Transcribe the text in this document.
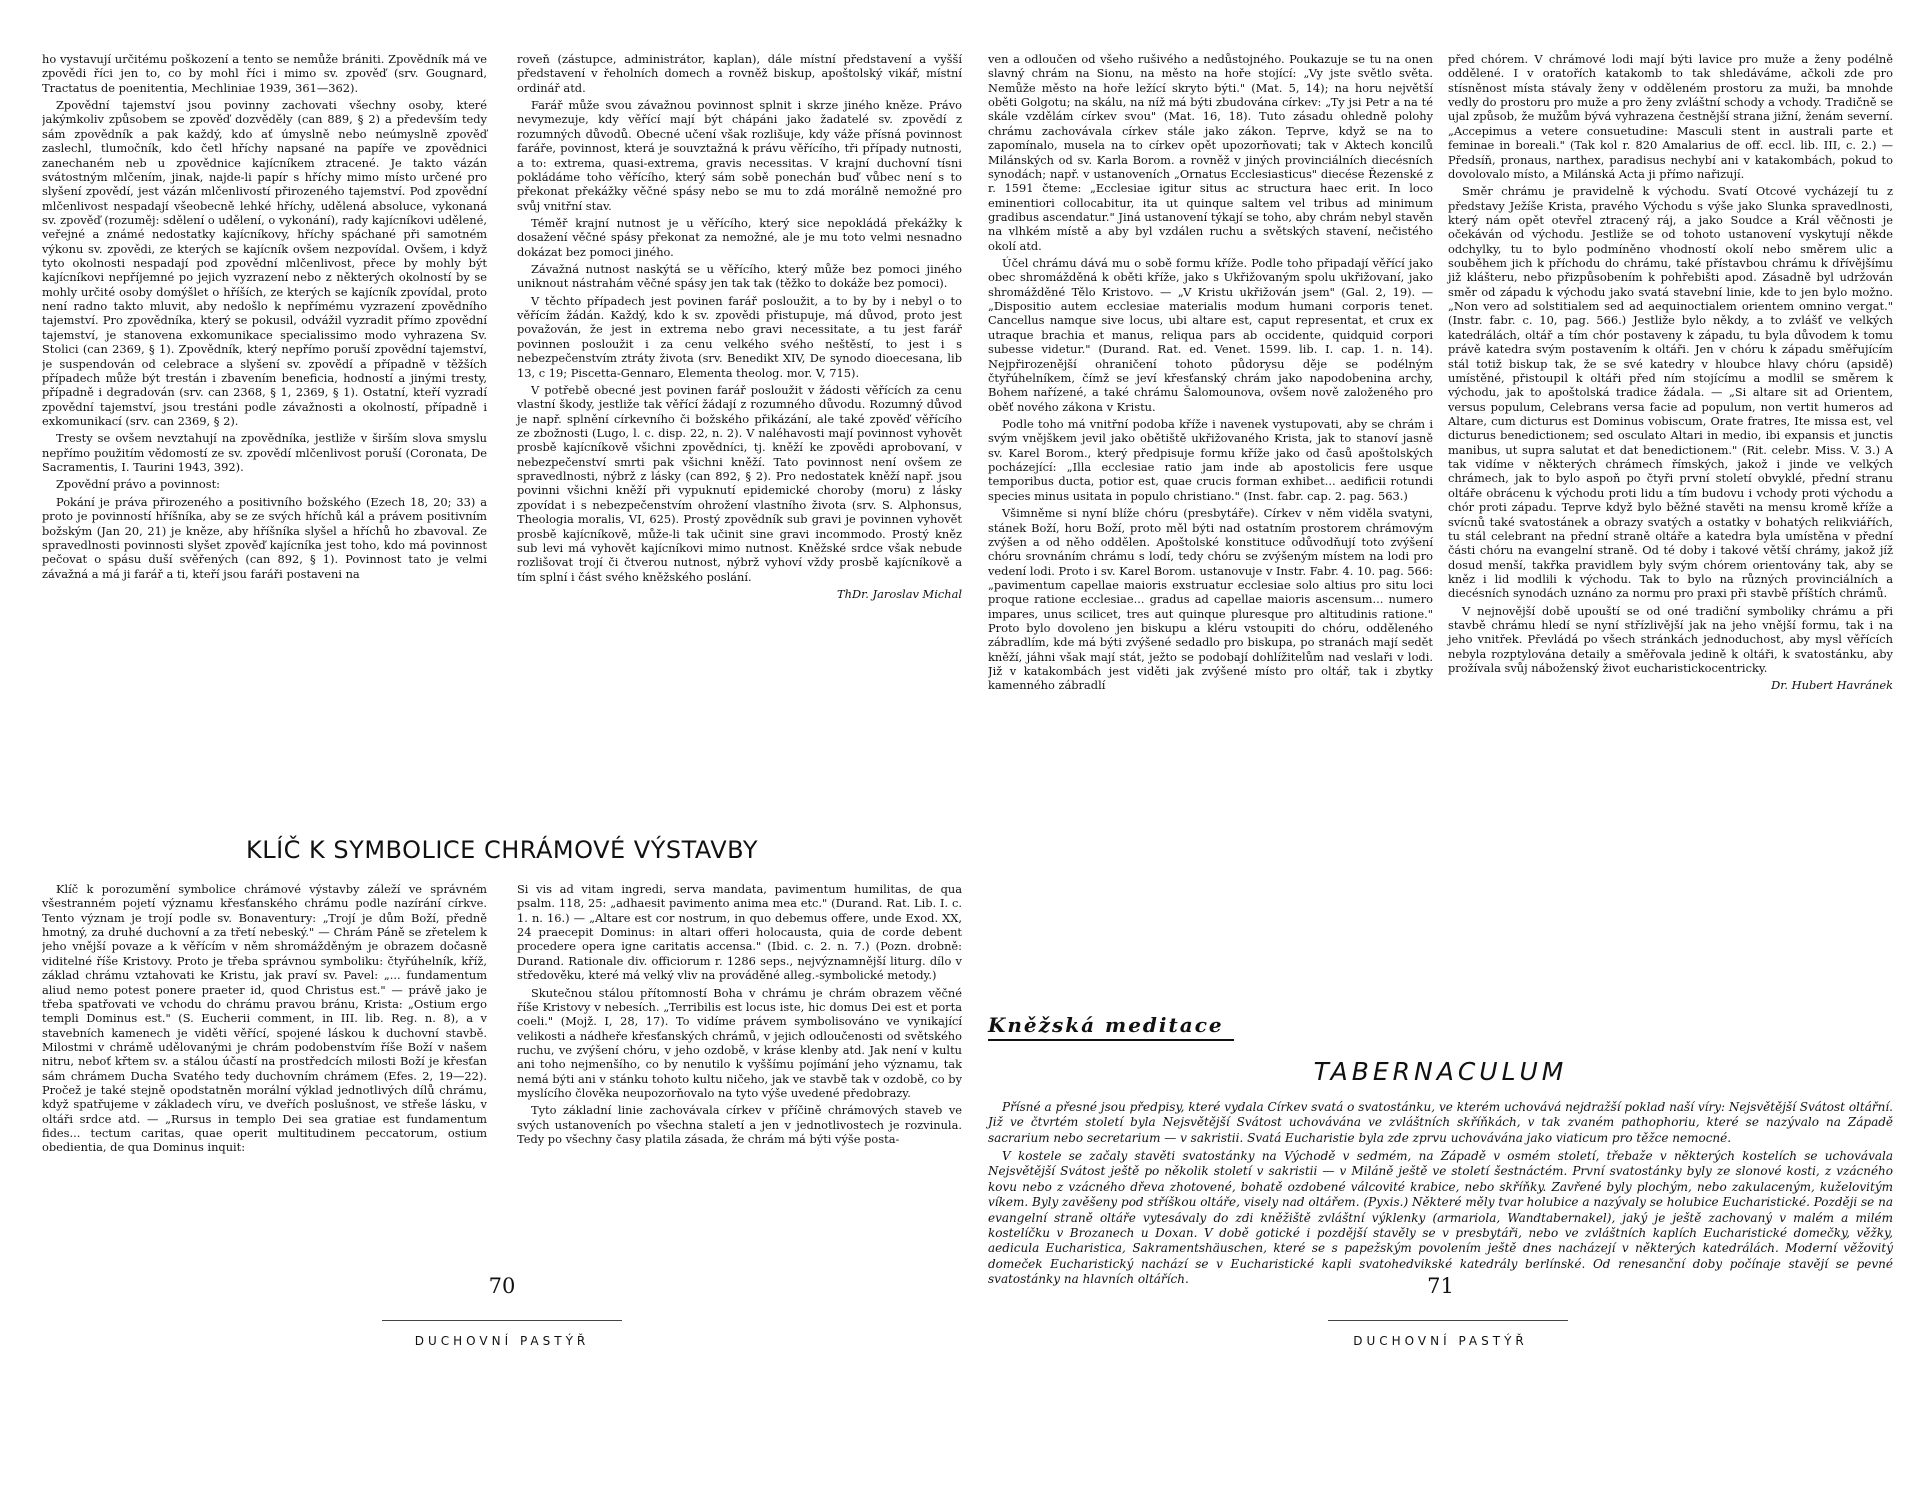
ho vystavují určitému poškození a tento se nemůže brániti. Zpovědník má ve zpovědi říci jen to, co by mohl říci i mimo sv. zpověď (srv. Gougnard, Tractatus de poenitentia, Mechliniae 1939, 361—362).

Zpovědní tajemství jsou povinny zachovati všechny osoby, které jakýmkoliv způsobem se zpověď dozvěděly (can 889, § 2) a především tedy sám zpovědník a pak každý, kdo ať úmyslně nebo neúmyslně zpověď zaslechl, tlumočník, kdo četl hříchy napsané na papíře ve zpovědnici zanechaném neb u zpovědnice kajícníkem ztracené. Je takto vázán svátostným mlčením, jinak, najde-li papír s hříchy mimo místo určené pro slyšení zpovědí, jest vázán mlčenlivostí přirozeného tajemství. Pod zpovědní mlčenlivost nespadají všeobecně lehké hříchy, udělená absoluce, vykonaná sv. zpověď (rozuměj: sdělení o udělení, o vykonání), rady kajícníkovi udělené, veřejné a známé nedostatky kajícníkovy, hříchy spáchané při samotném výkonu sv. zpovědi, ze kterých se kajícník ovšem nezpovídal. Ovšem, i když tyto okolnosti nespadají pod zpovědní mlčenlivost, přece by mohly být kajícníkovi nepříjemné po jejich vyzrazení nebo z některých okolností by se mohly určité osoby domýšlet o hříších, ze kterých se kajícník zpovídal, proto není radno takto mluvit, aby nedošlo k nepřímému vyzrazení zpovědního tajemství. Pro zpovědníka, který se pokusil, odvážil vyzradit přímo zpovědní tajemství, je stanovena exkomunikace specialissimo modo vyhrazena Sv. Stolici (can 2369, § 1). Zpovědník, který nepřímo poruší zpovědní tajemství, je suspendován od celebrace a slyšení sv. zpovědí a případně v těžších případech může být trestán i zbavením beneficia, hodností a jinými tresty, případně i degradován (srv. can 2368, § 1, 2369, § 1). Ostatní, kteří vyzradí zpovědní tajemství, jsou trestáni podle závažnosti a okolností, případně i exkomunikací (srv. can 2369, § 2).

Tresty se ovšem nevztahují na zpovědníka, jestliže v širším slova smyslu nepřímo použitím vědomostí ze sv. zpovědí mlčenlivost poruší (Coronata, De Sacramentis, I. Taurini 1943, 392).

Zpovědní právo a povinnost:

Pokání je práva přirozeného a positivního božského (Ezech 18, 20; 33) a proto je povinností hříšníka, aby se ze svých hříchů kál a právem positivním božským (Jan 20, 21) je kněze, aby hříšníka slyšel a hříchů ho zbavoval. Ze spravedlnosti povinnosti slyšet zpověď kajícníka jest toho, kdo má povinnost pečovat o spásu duší svěřených (can 892, § 1). Povinnost tato je velmi závažná a má ji farář a ti, kteří jsou faráři postaveni na

roveň (zástupce, administrátor, kaplan), dále místní představení a vyšší představení v řeholních domech a rovněž biskup, apoštolský vikář, místní ordinář atd.

Farář může svou závažnou povinnost splnit i skrze jiného kněze. Právo nevymezuje, kdy věřící mají být chápáni jako žadatelé sv. zpovědí z rozumných důvodů. Obecné učení však rozlišuje, kdy váže přísná povinnost faráře, povinnost, která je souvztažná k právu věřícího, tři případy nutnosti, a to: extrema, quasi-extrema, gravis necessitas. V krajní duchovní tísni pokládáme toho věřícího, který sám sobě ponechán buď vůbec není s to překonat překážky věčné spásy nebo se mu to zdá morálně nemožné pro svůj vnitřní stav.

Téměř krajní nutnost je u věřícího, který sice nepokládá překážky k dosažení věčné spásy překonat za nemožné, ale je mu toto velmi nesnadno dokázat bez pomoci jiného.

Závažná nutnost naskýtá se u věřícího, který může bez pomoci jiného uniknout nástrahám věčné spásy jen tak tak (těžko to dokáže bez pomoci).

V těchto případech jest povinen farář posloužit, a to by by i nebyl o to věřícím žádán. Každý, kdo k sv. zpovědi přistupuje, má důvod, proto jest považován, že jest in extrema nebo gravi necessitate, a tu jest farář povinnen posloužit i za cenu velkého svého neštěstí, to jest i s nebezpečenstvím ztráty života (srv. Benedikt XIV, De synodo dioecesana, lib 13, c 19; Piscetta-Gennaro, Elementa theolog. mor. V, 715).

V potřebě obecné jest povinen farář posloužit v žádosti věřících za cenu vlastní škody, jestliže tak věřící žádají z rozumného důvodu. Rozumný důvod je např. splnění církevního či božského přikázání, ale také zpověď věřícího ze zbožnosti (Lugo, l. c. disp. 22, n. 2). V naléhavosti mají povinnost vyhovět prosbě kajícníkově všichni zpovědníci, tj. kněží ke zpovědi aprobovaní, v nebezpečenství smrti pak všichni kněží. Tato povinnost není ovšem ze spravedlnosti, nýbrž z lásky (can 892, § 2). Pro nedostatek kněží např. jsou povinni všichni kněží při vypuknutí epidemické choroby (moru) z lásky zpovídat i s nebezpečenstvím ohrožení vlastního života (srv. S. Alphonsus, Theologia moralis, VI, 625). Prostý zpovědník sub gravi je povinnen vyhovět prosbě kajícníkově, může-li tak učinit sine gravi incommodo. Prostý kněz sub levi má vyhovět kajícníkovi mimo nutnost. Kněžské srdce však nebude rozlišovat trojí či čtverou nutnost, nýbrž vyhoví vždy prosbě kajícníkově a tím splní i část svého kněžského poslání.

ThDr. Jaroslav Michal
KLÍČ K SYMBOLICE CHRÁMOVÉ VÝSTAVBY

Klíč k porozumění symbolice chrámové výstavby záleží ve správném všestranném pojetí významu křesťanského chrámu podle nazírání církve. Tento význam je trojí podle sv. Bonaventury: „Trojí je dům Boží, předně hmotný, za druhé duchovní a za třetí nebeský." — Chrám Páně se zřetelem k jeho vnější povaze a k věřícím v něm shromážděným je obrazem dočasně viditelné říše Kristovy. Proto je třeba správnou symboliku: čtyřúhelník, kříž, základ chrámu vztahovati ke Kristu, jak praví sv. Pavel: „... fundamentum aliud nemo potest ponere praeter id, quod Christus est." — právě jako je třeba spatřovati ve vchodu do chrámu pravou bránu, Krista: „Ostium ergo templi Dominus est." (S. Eucherii comment, in III. lib. Reg. n. 8), a v stavebních kamenech je viděti věřící, spojené láskou k duchovní stavbě. Milostmi v chrámě udělovanými je chrám podobenstvím říše Boží v našem nitru, neboť křtem sv. a stálou účastí na prostředcích milosti Boží je křesťan sám chrámem Ducha Svatého tedy duchovním chrámem (Efes. 2, 19—22). Pročež je také stejně opodstatněn morální výklad jednotlivých dílů chrámu, když spatřujeme v základech víru, ve dveřích poslušnost, ve střeše lásku, v oltáři srdce atd. — „Rursus in templo Dei sea gratiae est fundamentum fides... tectum caritas, quae operit multitudinem peccatorum, ostium obedientia, de qua Dominus inquit:

Si vis ad vitam ingredi, serva mandata, pavimentum humilitas, de qua psalm. 118, 25: „adhaesit pavimento anima mea etc." (Durand. Rat. Lib. I. c. 1. n. 16.) — „Altare est cor nostrum, in quo debemus offere, unde Exod. XX, 24 praecepit Dominus: in altari offeri holocausta, quia de corde debent procedere opera igne caritatis accensa." (Ibid. c. 2. n. 7.) (Pozn. drobně: Durand. Rationale div. officiorum r. 1286 seps., nejvýznamnější liturg. dílo v středověku, které má velký vliv na prováděné alleg.-symbolické metody.)

Skutečnou stálou přítomností Boha v chrámu je chrám obrazem věčné říše Kristovy v nebesích. „Terribilis est locus iste, hic domus Dei est et porta coeli." (Mojž. I, 28, 17). To vidíme právem symbolisováno ve vynikající velikosti a nádheře křesťanských chrámů, v jejich odloučenosti od světského ruchu, ve zvýšení chóru, v jeho ozdobě, v kráse klenby atd. Jak není v kultu ani toho nejmenšího, co by nenutilo k vyššímu pojímání jeho významu, tak nemá býti ani v stánku tohoto kultu ničeho, jak ve stavbě tak v ozdobě, co by myslícího člověka neupozorňovalo na tyto výše uvedené předobrazy.

Tyto základní linie zachovávala církev v příčině chrámových staveb ve svých ustanoveních po všechna staletí a jen v jednotlivostech je rozvinula. Tedy po všechny časy platila zásada, že chrám má býti výše posta-

70
DUCHOVNÍ PASTÝŘ

ven a odloučen od všeho rušivého a nedůstojného. Poukazuje se tu na onen slavný chrám na Sionu, na město na hoře stojící: „Vy jste světlo světa. Nemůže město na hoře ležící skryto býti." (Mat. 5, 14); na horu největší oběti Golgotu; na skálu, na níž má býti zbudována církev: „Ty jsi Petr a na té skále vzdělám církev svou" (Mat. 16, 18). Tuto zásadu ohledně polohy chrámu zachovávala církev stále jako zákon. Teprve, když se na to zapomínalo, musela na to církev opět upozorňovati; tak v Aktech koncilů Milánských od sv. Karla Borom. a rovněž v jiných provinciálních diecésních synodách; např. v ustanoveních „Ornatus Ecclesiasticus" diecése Řezenské z r. 1591 čteme: „Ecclesiae igitur situs ac structura haec erit. In loco eminentiori collocabitur, ita ut quinque saltem vel tribus ad minimum gradibus ascendatur." Jiná ustanovení týkají se toho, aby chrám nebyl stavěn na vlhkém místě a aby byl vzdálen ruchu a světských stavení, nečistého okolí atd.

Účel chrámu dává mu o sobě formu kříže. Podle toho připadají věřící jako obec shromážděná k oběti kříže, jako s Ukřižovaným spolu ukřižovaní, jako shromážděné Tělo Kristovo. — „V Kristu ukřižován jsem" (Gal. 2, 19). — „Dispositio autem ecclesiae materialis modum humani corporis tenet. Cancellus namque sive locus, ubi altare est, caput representat, et crux ex utraque brachia et manus, reliqua pars ab occidente, quidquid corpori subesse videtur." (Durand. Rat. ed. Venet. 1599. lib. I. cap. 1. n. 14). Nejpřirozenější ohraničení tohoto půdorysu děje se podélným čtyřúhelníkem, čímž se jeví křesťanský chrám jako napodobenina archy, Bohem nařízené, a také chrámu Šalomounova, ovšem nově založeného pro oběť nového zákona v Kristu.

Podle toho má vnitřní podoba kříže i navenek vystupovati, aby se chrám i svým vnějškem jevil jako obětiště ukřižovaného Krista, jak to stanoví jasně sv. Karel Borom., který předpisuje formu kříže jako od časů apoštolských pocházející: „Illa ecclesiae ratio jam inde ab apostolicis fere usque temporibus ducta, potior est, quae crucis forman exhibet... aedificii rotundi species minus usitata in populo christiano." (Inst. fabr. cap. 2. pag. 563.)

Všimněme si nyní blíže chóru (presbytáře). Církev v něm viděla svatyni, stánek Boží, horu Boží, proto měl býti nad ostatním prostorem chrámovým zvýšen a od něho oddělen. Apoštolské konstituce odůvodňují toto zvýšení chóru srovnáním chrámu s lodí, tedy chóru se zvýšeným místem na lodi pro vedení lodi. Proto i sv. Karel Borom. ustanovuje v Instr. Fabr. 4. 10. pag. 566: „pavimentum capellae maioris exstruatur ecclesiae solo altius pro situ loci proque ratione ecclesiae... gradus ad capellae maioris ascensum... numero impares, unus scilicet, tres aut quinque pluresque pro altitudinis ratione." Proto bylo dovoleno jen biskupu a kléru vstoupiti do chóru, odděleného zábradlím, kde má býti zvýšené sedadlo pro biskupa, po stranách mají sedět kněží, jáhni však mají stát, ježto se podobají dohlížitelům nad veslaři v lodi. Již v katakombách jest viděti jak zvýšené místo pro oltář, tak i zbytky kamenného zábradlí

před chórem. V chrámové lodi mají býti lavice pro muže a ženy podélně oddělené. I v oratořích katakomb to tak shledáváme, ačkoli zde pro stísněnost místa stávaly ženy v odděleném prostoru za muži, ba mnohde vedly do prostoru pro muže a pro ženy zvláštní schody a vchody. Tradičně se ujal způsob, že mužům bývá vyhrazena čestnější strana jižní, ženám severní. „Accepimus a vetere consuetudine: Masculi stent in australi parte et feminae in boreali." (Tak kol r. 820 Amalarius de off. eccl. lib. III, c. 2.) — Předsíň, pronaus, narthex, paradisus nechybí ani v katakombách, pokud to dovolovalo místo, a Milánská Acta ji přímo nařizují.

Směr chrámu je pravidelně k východu. Svatí Otcové vycházejí tu z představy Ježíše Krista, pravého Východu s výše jako Slunka spravedlnosti, který nám opět otevřel ztracený ráj, a jako Soudce a Král věčnosti je očekáván od východu. Jestliže se od tohoto ustanovení vyskytují někde odchylky, tu to bylo podmíněno vhodností okolí nebo směrem ulic a souběhem jich k příchodu do chrámu, také přístavbou chrámu k dřívějšímu již klášteru, nebo přizpůsobením k pohřebišti apod. Zásadně byl udržován směr od západu k východu jako svatá stavební linie, kde to jen bylo možno. „Non vero ad solstitialem sed ad aequinoctialem orientem omnino vergat." (Instr. fabr. c. 10, pag. 566.) Jestliže bylo někdy, a to zvlášť ve velkých katedrálách, oltář a tím chór postaveny k západu, tu byla důvodem k tomu právě katedra svým postavením k oltáři. Jen v chóru k západu směřujícím stál totiž biskup tak, že se své katedry v hloubce hlavy chóru (apsidě) umístěné, přistoupil k oltáři před ním stojícímu a modlil se směrem k východu, jak to apoštolská tradice žádala. — „Si altare sit ad Orientem, versus populum, Celebrans versa facie ad populum, non vertit humeros ad Altare, cum dicturus est Dominus vobiscum, Orate fratres, Ite missa est, vel dicturus benedictionem; sed osculato Altari in medio, ibi expansis et junctis manibus, ut supra salutat et dat benedictionem." (Rit. celebr. Miss. V. 3.) A tak vidíme v některých chrámech římských, jakož i jinde ve velkých chrámech, jak to bylo aspoň po čtyři první století obvyklé, přední stranu oltáře obrácenu k východu proti lidu a tím budovu i vchody proti východu a chór proti západu. Teprve když bylo běžné stavěti na mensu kromě kříže a svícnů také svatostánek a obrazy svatých a ostatky v bohatých relikviářích, tu stál celebrant na přední straně oltáře a katedra byla umístěna v přední části chóru na evangelní straně. Od té doby i takové větší chrámy, jakož jíž dosud menší, takřka pravidlem byly svým chórem orientovány tak, aby se kněz i lid modlili k východu. Tak to bylo na různých provinciálních a diecésních synodách uznáno za normu pro praxi při stavbě příštích chrámů.

V nejnovější době upouští se od oné tradiční symboliky chrámu a při stavbě chrámu hledí se nyní střízlivější jak na jeho vnější formu, tak i na jeho vnitřek. Převládá po všech stránkách jednoduchost, aby mysl věřících nebyla rozptylována detaily a směřovala jedině k oltáři, k svatostánku, aby prožívala svůj náboženský život eucharistickocentricky.

Dr. Hubert Havránek
Kněžská meditace
TABERNACULUM

Přísné a přesné jsou předpisy, které vydala Církev svatá o svatostánku, ve kterém uchovává nejdražší poklad naší víry: Nejsvětější Svátost oltářní. Již ve čtvrtém století byla Nejsvětější Svátost uchovávána ve zvláštních skříňkách, v tak zvaném pathophoriu, které se nazývalo na Západě sacrarium nebo secretarium — v sakristii. Svatá Eucharistie byla zde zprvu uchovávána jako viaticum pro těžce nemocné.

V kostele se začaly stavěti svatostánky na Východě v sedmém, na Západě v osmém století, třebaže v některých kostelích se uchovávala Nejsvětější Svátost ještě po několik století v sakristii — v Miláně ještě ve století šestnáctém. První svatostánky byly ze slonové kosti, z vzácného kovu nebo z vzácného dřeva zhotovené, bohatě ozdobené válcovité krabice, nebo skříňky. Zavřené byly plochým, nebo zakulaceným, kuželovitým víkem. Byly zavěšeny pod stříškou oltáře, visely nad oltářem. (Pyxis.) Některé měly tvar holubice a nazývaly se holubice Eucharistické. Později se na evangelní straně oltáře vytesávaly do zdi kněžiště zvláštní výklenky (armariola, Wandtabernakel), jaký je ještě zachovaný v malém a milém kostelíčku v Brozanech u Doxan. V době gotické i pozdější stavěly se v presbytáři, nebo ve zvláštních kaplích Eucharistické domečky, věžky, aedicula Eucharistica, Sakramentshäuschen, které se s papežským povolením ještě dnes nacházejí v některých katedrálách. Moderní věžovitý domeček Eucharistický nachází se v Eucharistické kapli svatohedvikské katedrály berlínské. Od renesanční doby počínaje stavějí se pevné svatostánky na hlavních oltářích.	71
DUCHOVNÍ PASTÝŘ
